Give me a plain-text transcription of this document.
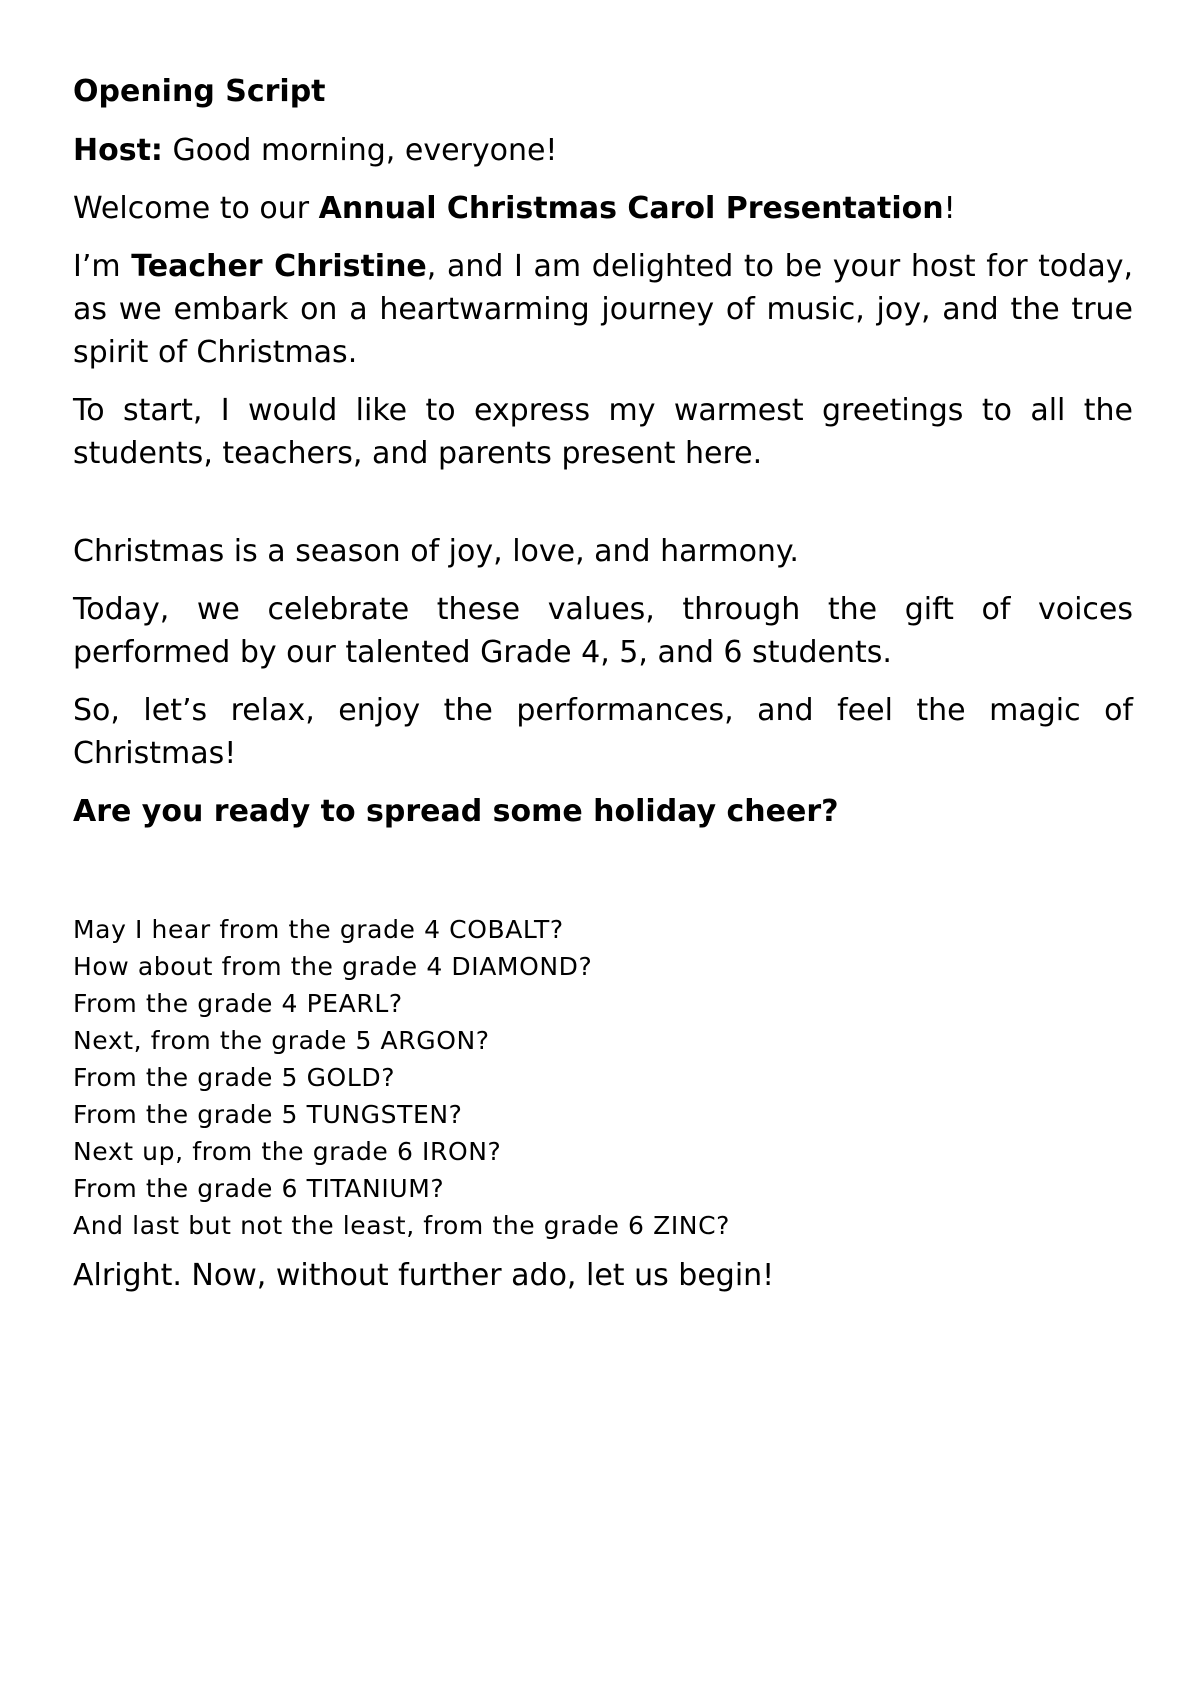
Opening Script

Host: Good morning, everyone!

Welcome to our Annual Christmas Carol Presentation!

I’m Teacher Christine, and I am delighted to be your host for today, as we embark on a heartwarming journey of music, joy, and the true spirit of Christmas.

To start, I would like to express my warmest greetings to all the students, teachers, and parents present here.

Christmas is a season of joy, love, and harmony.

Today, we celebrate these values, through the gift of voices performed by our talented Grade 4, 5, and 6 students.

So, let’s relax, enjoy the performances, and feel the magic of Christmas!

Are you ready to spread some holiday cheer?

May I hear from the grade 4 COBALT?
How about from the grade 4 DIAMOND?
From the grade 4 PEARL?
Next, from the grade 5 ARGON?
From the grade 5 GOLD?
From the grade 5 TUNGSTEN?
Next up, from the grade 6 IRON?
From the grade 6 TITANIUM?
And last but not the least, from the grade 6 ZINC?

Alright. Now, without further ado, let us begin!
